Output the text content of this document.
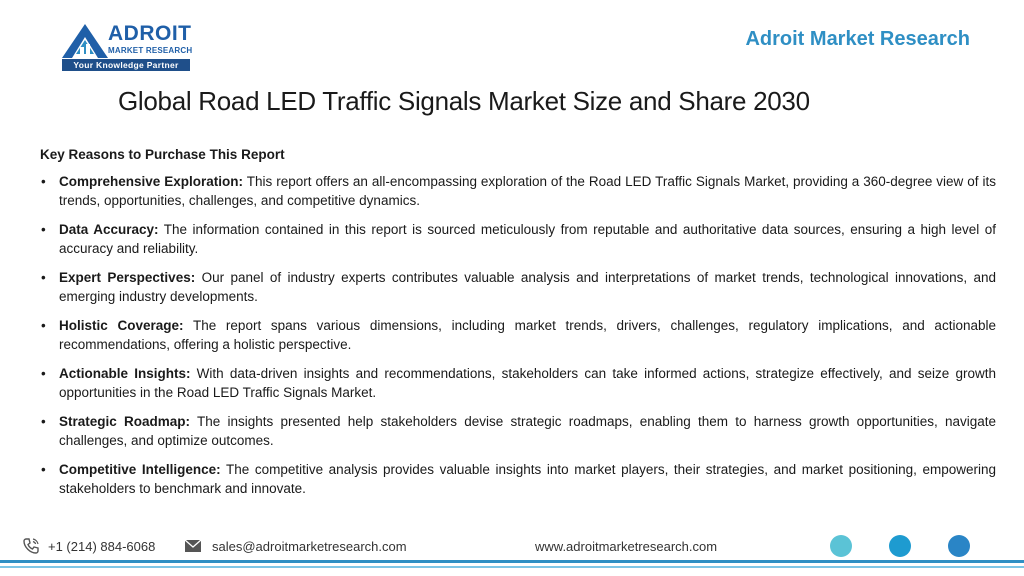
ADROIT
MARKET RESEARCH
Your Knowledge Partner
Adroit Market Research
Global Road LED Traffic Signals Market Size and Share 2030
Key Reasons to Purchase This Report
• Comprehensive Exploration: This report offers an all-encompassing exploration of the Road LED Traffic Signals Market, providing a 360-degree view of its trends, opportunities, challenges, and competitive dynamics.
• Data Accuracy: The information contained in this report is sourced meticulously from reputable and authoritative data sources, ensuring a high level of accuracy and reliability.
• Expert Perspectives: Our panel of industry experts contributes valuable analysis and interpretations of market trends, technological innovations, and emerging industry developments.
• Holistic Coverage: The report spans various dimensions, including market trends, drivers, challenges, regulatory implications, and actionable recommendations, offering a holistic perspective.
• Actionable Insights: With data-driven insights and recommendations, stakeholders can take informed actions, strategize effectively, and seize growth opportunities in the Road LED Traffic Signals Market.
• Strategic Roadmap: The insights presented help stakeholders devise strategic roadmaps, enabling them to harness growth opportunities, navigate challenges, and optimize outcomes.
• Competitive Intelligence: The competitive analysis provides valuable insights into market players, their strategies, and market positioning, empowering stakeholders to benchmark and innovate.
+1 (214) 884-6068	sales@adroitmarketresearch.com	www.adroitmarketresearch.com
